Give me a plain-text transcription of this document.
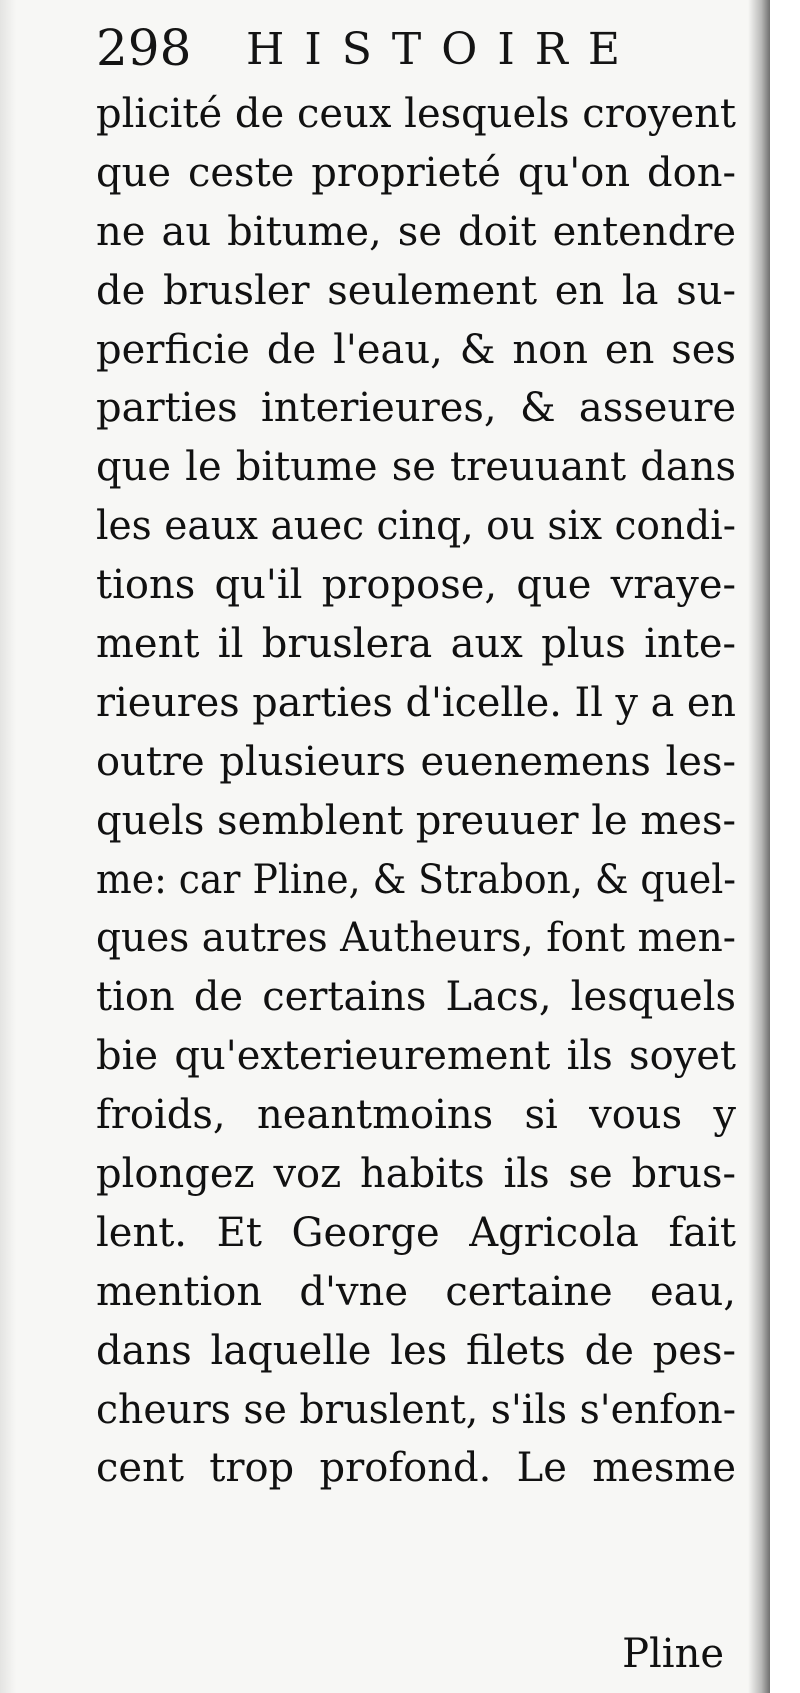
298 HISTOIRE
plicité de ceux lesquels croyent
que ceste proprieté qu'on don-
ne au bitume, se doit entendre
de brusler seulement en la su-
perficie de l'eau, & non en ses
parties interieures, & asseure
que le bitume se treuuant dans
les eaux auec cinq, ou six condi-
tions qu'il propose, que vraye-
ment il bruslera aux plus inte-
rieures parties d'icelle. Il y a en
outre plusieurs euenemens les-
quels semblent preuuer le mes-
me: car Pline, & Strabon, & quel-
ques autres Autheurs, font men-
tion de certains Lacs, lesquels
bie qu'exterieurement ils soyet
froids, neantmoins si vous y
plongez voz habits ils se brus-
lent. Et George Agricola fait
mention d'vne certaine eau,
dans laquelle les filets de pes-
cheurs se bruslent, s'ils s'enfon-
cent trop profond. Le mesme
Pline
